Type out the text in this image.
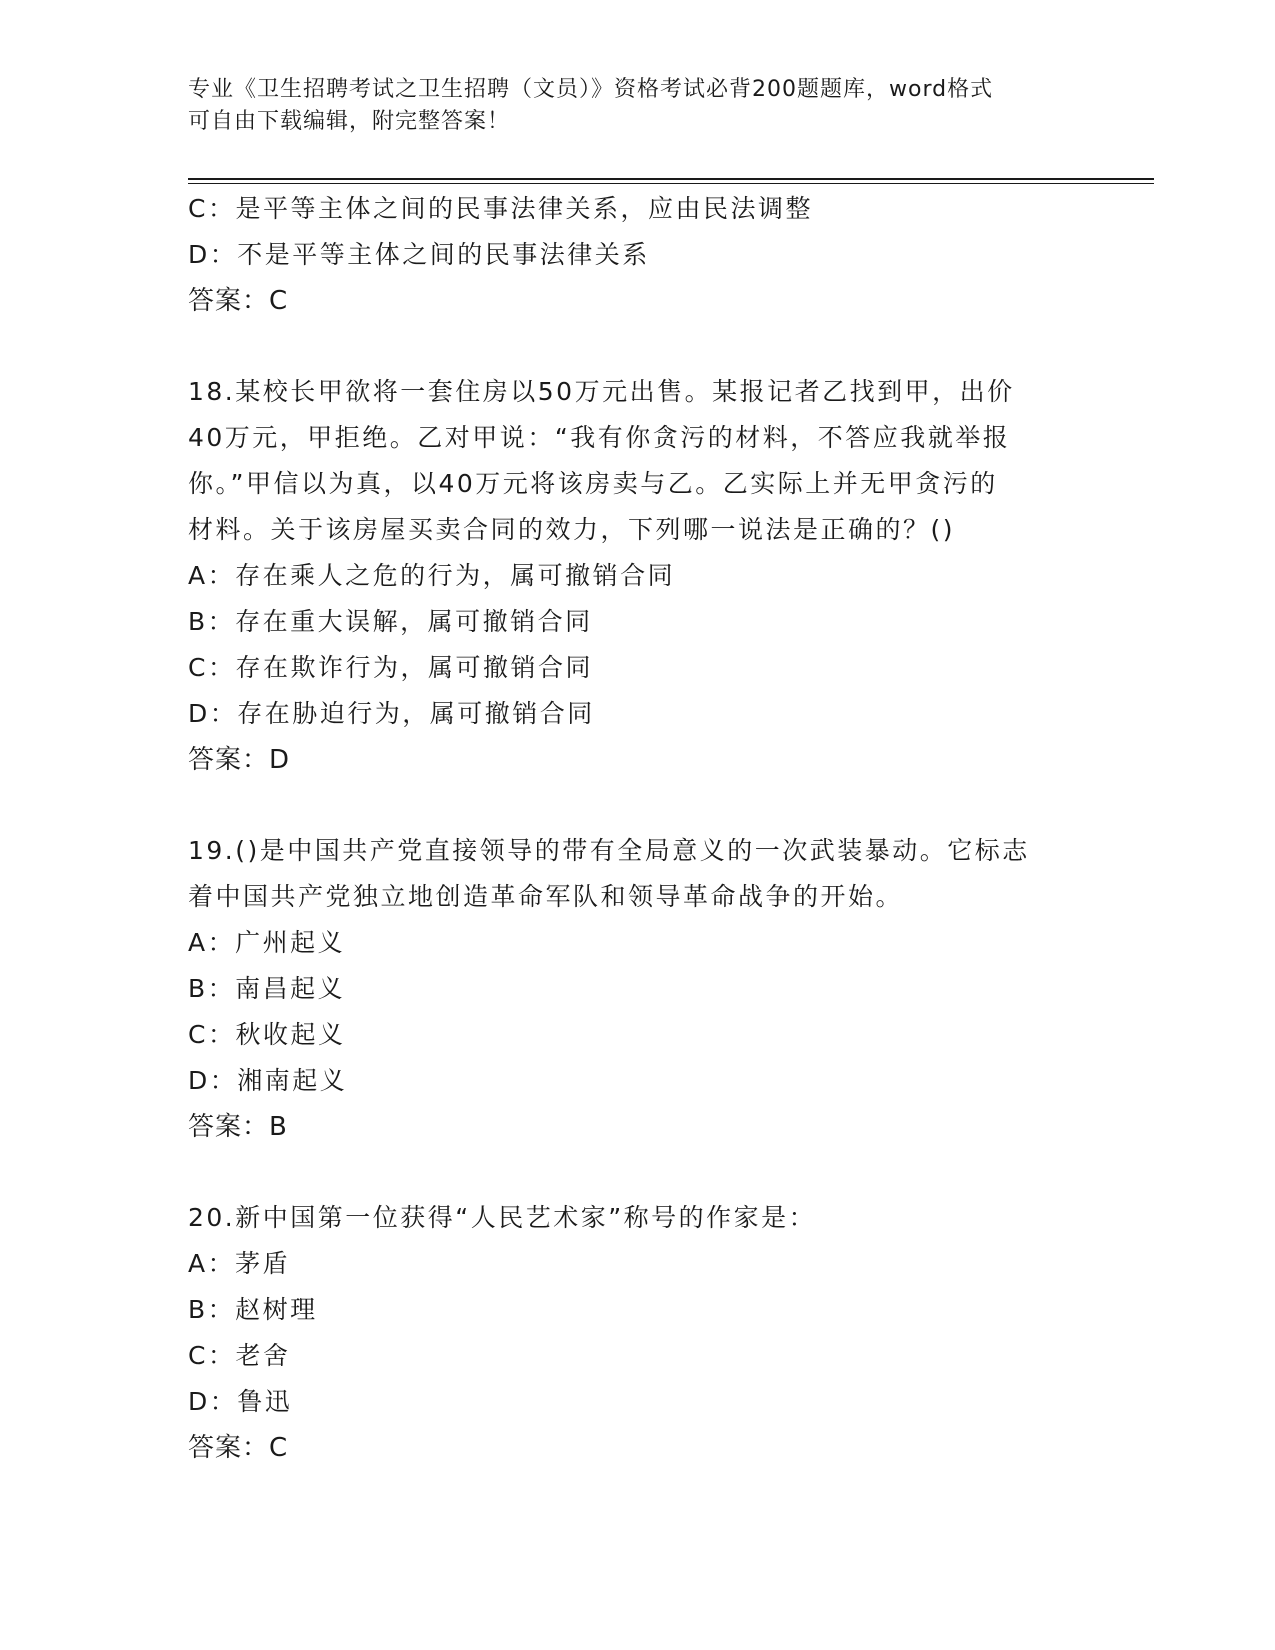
专业《卫生招聘考试之卫生招聘（文员）》资格考试必背200题题库，word格式
可自由下载编辑，附完整答案！
C：是平等主体之间的民事法律关系，应由民法调整
D：不是平等主体之间的民事法律关系
答案：C
18.某校长甲欲将一套住房以50万元出售。某报记者乙找到甲，出价
40万元，甲拒绝。乙对甲说：“我有你贪污的材料，不答应我就举报
你。”甲信以为真，以40万元将该房卖与乙。乙实际上并无甲贪污的
材料。关于该房屋买卖合同的效力，下列哪一说法是正确的？()
A：存在乘人之危的行为，属可撤销合同
B：存在重大误解，属可撤销合同
C：存在欺诈行为，属可撤销合同
D：存在胁迫行为，属可撤销合同
答案：D
19.()是中国共产党直接领导的带有全局意义的一次武装暴动。它标志
着中国共产党独立地创造革命军队和领导革命战争的开始。
A：广州起义
B：南昌起义
C：秋收起义
D：湘南起义
答案：B
20.新中国第一位获得“人民艺术家”称号的作家是：
A：茅盾
B：赵树理
C：老舍
D：鲁迅
答案：C
